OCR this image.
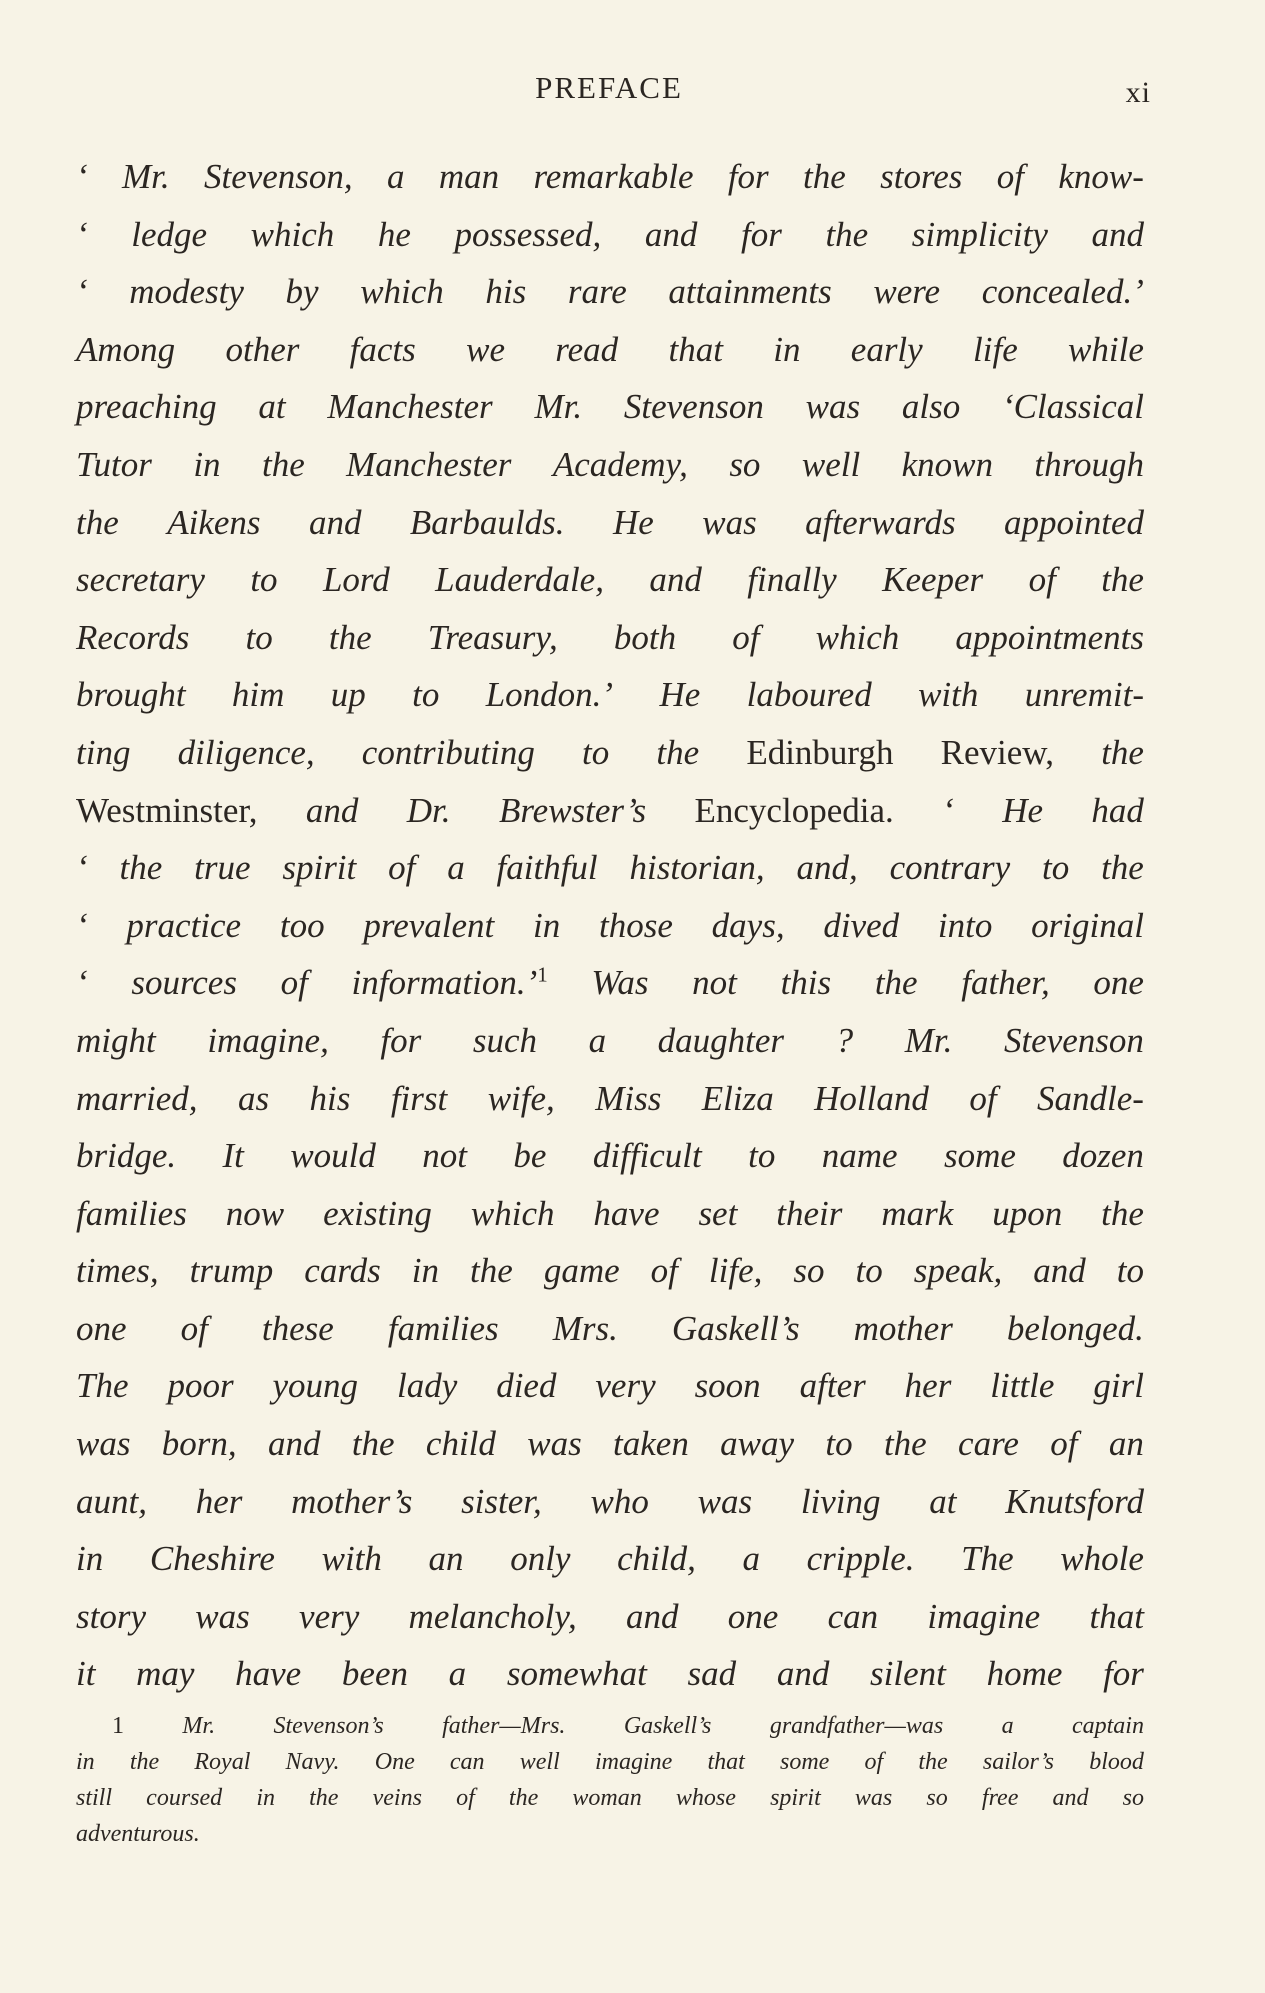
PREFACE	xi
‘ Mr. Stevenson, a man remarkable for the stores of know-
‘ ledge which he possessed, and for the simplicity and
‘ modesty by which his rare attainments were concealed.’
Among other facts we read that in early life while
preaching at Manchester Mr. Stevenson was also ‘Classical
Tutor in the Manchester Academy, so well known through
the Aikens and Barbaulds. He was afterwards appointed
secretary to Lord Lauderdale, and finally Keeper of the
Records to the Treasury, both of which appointments
brought him up to London.’ He laboured with unremit-
ting diligence, contributing to the Edinburgh Review, the
Westminster, and Dr. Brewster’s Encyclopedia. ‘ He had
‘ the true spirit of a faithful historian, and, contrary to the
‘ practice too prevalent in those days, dived into original
‘ sources of information.’$^1$ Was not this the father, one
might imagine, for such a daughter ? Mr. Stevenson
married, as his first wife, Miss Eliza Holland of Sandle-
bridge. It would not be difficult to name some dozen
families now existing which have set their mark upon the
times, trump cards in the game of life, so to speak, and to
one of these families Mrs. Gaskell’s mother belonged.
The poor young lady died very soon after her little girl
was born, and the child was taken away to the care of an
aunt, her mother’s sister, who was living at Knutsford
in Cheshire with an only child, a cripple. The whole
story was very melancholy, and one can imagine that
it may have been a somewhat sad and silent home for
1 Mr. Stevenson’s father—Mrs. Gaskell’s grandfather—was a captain
in the Royal Navy. One can well imagine that some of the sailor’s blood
still coursed in the veins of the woman whose spirit was so free and so
adventurous.
